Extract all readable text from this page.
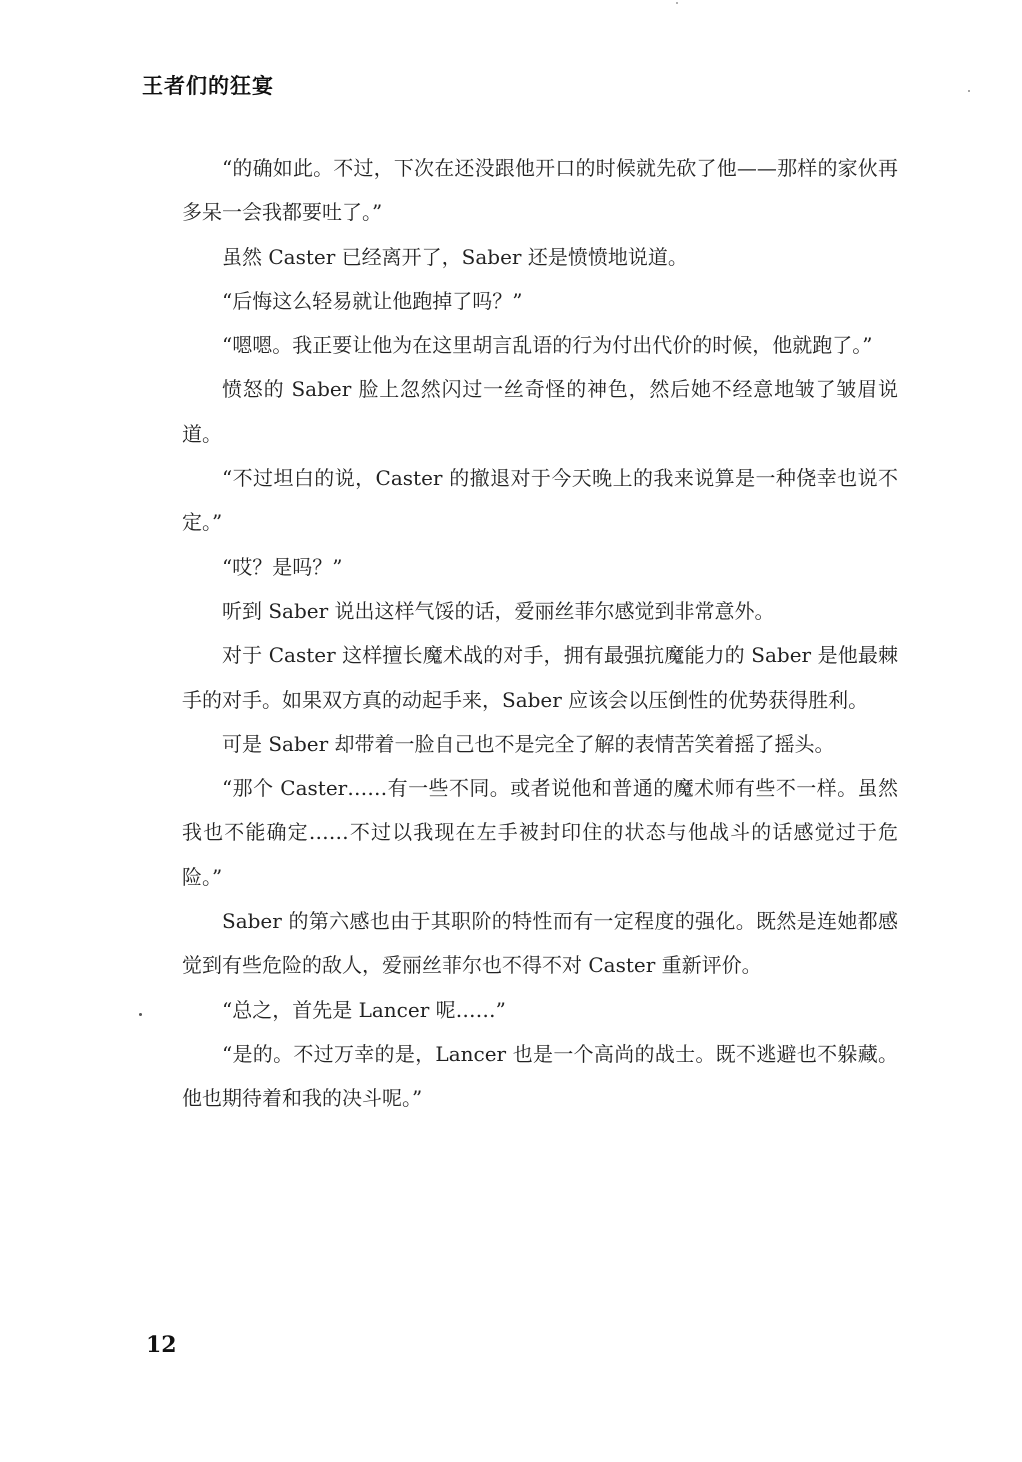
王者们的狂宴

“的确如此。不过，下次在还没跟他开口的时候就先砍了他——那样的家伙再多呆一会我都要吐了。”

虽然 Caster 已经离开了，Saber 还是愤愤地说道。

“后悔这么轻易就让他跑掉了吗？”

“嗯嗯。我正要让他为在这里胡言乱语的行为付出代价的时候，他就跑了。”

愤怒的 Saber 脸上忽然闪过一丝奇怪的神色，然后她不经意地皱了皱眉说道。

“不过坦白的说，Caster 的撤退对于今天晚上的我来说算是一种侥幸也说不定。”

“哎？是吗？”

听到 Saber 说出这样气馁的话，爱丽丝菲尔感觉到非常意外。

对于 Caster 这样擅长魔术战的对手，拥有最强抗魔能力的 Saber 是他最棘手的对手。如果双方真的动起手来，Saber 应该会以压倒性的优势获得胜利。

可是 Saber 却带着一脸自己也不是完全了解的表情苦笑着摇了摇头。

“那个 Caster……有一些不同。或者说他和普通的魔术师有些不一样。虽然我也不能确定……不过以我现在左手被封印住的状态与他战斗的话感觉过于危险。”

Saber 的第六感也由于其职阶的特性而有一定程度的强化。既然是连她都感觉到有些危险的敌人，爱丽丝菲尔也不得不对 Caster 重新评价。

“总之，首先是 Lancer 呢……”

“是的。不过万幸的是，Lancer 也是一个高尚的战士。既不逃避也不躲藏。他也期待着和我的决斗呢。”

12
